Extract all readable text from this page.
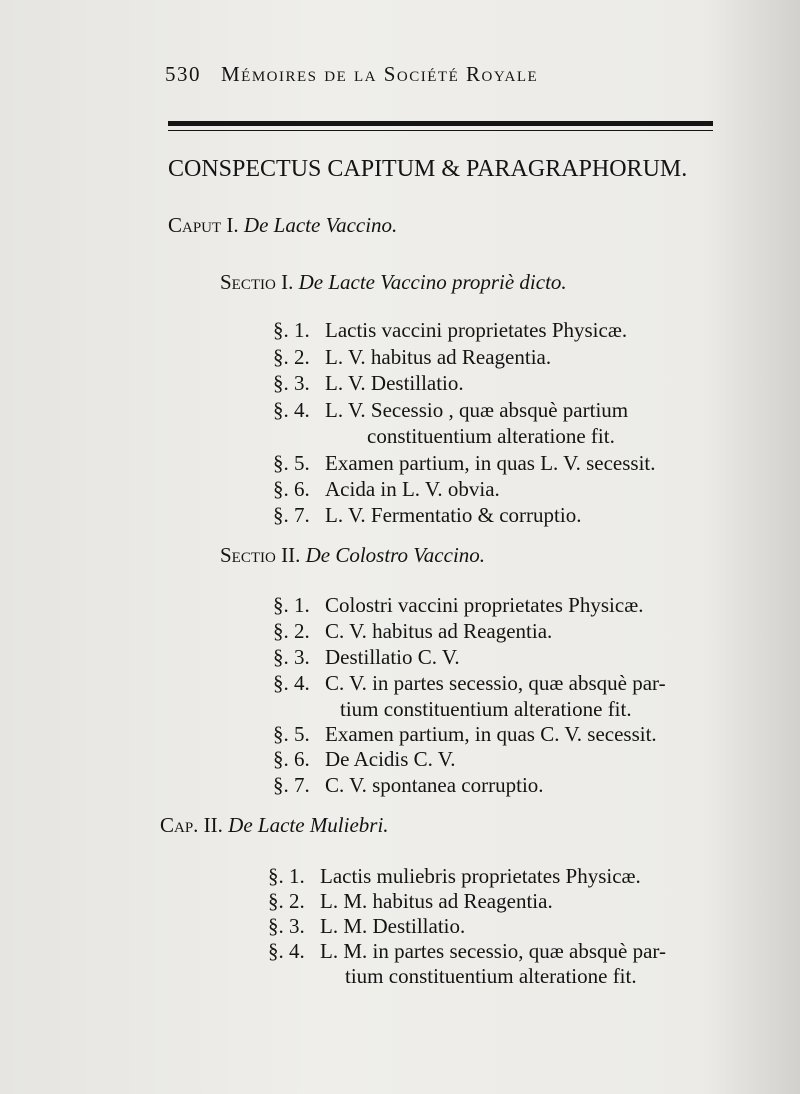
530 Mémoires de la Société Royale
CONSPECTUS CAPITUM & PARAGRAPHORUM.
Caput I. De Lacte Vaccino.
Sectio I. De Lacte Vaccino propriè dicto.
§. 1. Lactis vaccini proprietates Physicæ.
§. 2. L. V. habitus ad Reagentia.
§. 3. L. V. Destillatio.
§. 4. L. V. Secessio , quæ absquè partium
constituentium alteratione fit.
§. 5. Examen partium, in quas L. V. secessit.
§. 6. Acida in L. V. obvia.
§. 7. L. V. Fermentatio & corruptio.
Sectio II. De Colostro Vaccino.
§. 1. Colostri vaccini proprietates Physicæ.
§. 2. C. V. habitus ad Reagentia.
§. 3. Destillatio C. V.
§. 4. C. V. in partes secessio, quæ absquè par-
tium constituentium alteratione fit.
§. 5. Examen partium, in quas C. V. secessit.
§. 6. De Acidis C. V.
§. 7. C. V. spontanea corruptio.
Cap. II. De Lacte Muliebri.
§. 1. Lactis muliebris proprietates Physicæ.
§. 2. L. M. habitus ad Reagentia.
§. 3. L. M. Destillatio.
§. 4. L. M. in partes secessio, quæ absquè par-
tium constituentium alteratione fit.
